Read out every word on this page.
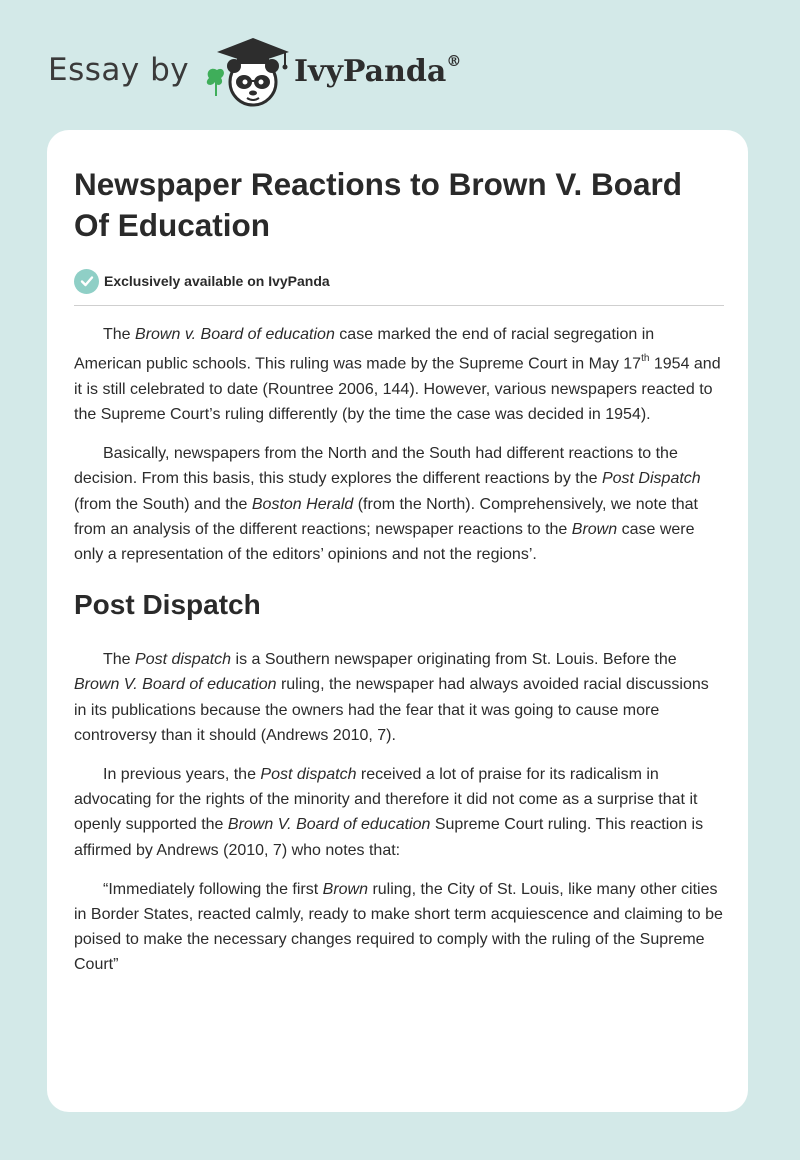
Essay by	IvyPanda®
Newspaper Reactions to Brown V. Board Of Education
Exclusively available on IvyPanda

The Brown v. Board of education case marked the end of racial segregation in American public schools. This ruling was made by the Supreme Court in May 17th 1954 and it is still celebrated to date (Rountree 2006, 144). However, various newspapers reacted to the Supreme Court’s ruling differently (by the time the case was decided in 1954).

Basically, newspapers from the North and the South had different reactions to the decision. From this basis, this study explores the different reactions by the Post Dispatch (from the South) and the Boston Herald (from the North). Comprehensively, we note that from an analysis of the different reactions; newspaper reactions to the Brown case were only a representation of the editors’ opinions and not the regions’.

Post Dispatch

The Post dispatch is a Southern newspaper originating from St. Louis. Before the Brown V. Board of education ruling, the newspaper had always avoided racial discussions in its publications because the owners had the fear that it was going to cause more controversy than it should (Andrews 2010, 7).

In previous years, the Post dispatch received a lot of praise for its radicalism in advocating for the rights of the minority and therefore it did not come as a surprise that it openly supported the Brown V. Board of education Supreme Court ruling. This reaction is affirmed by Andrews (2010, 7) who notes that:

“Immediately following the first Brown ruling, the City of St. Louis, like many other cities in Border States, reacted calmly, ready to make short term acquiescence and claiming to be poised to make the necessary changes required to comply with the ruling of the Supreme Court”
